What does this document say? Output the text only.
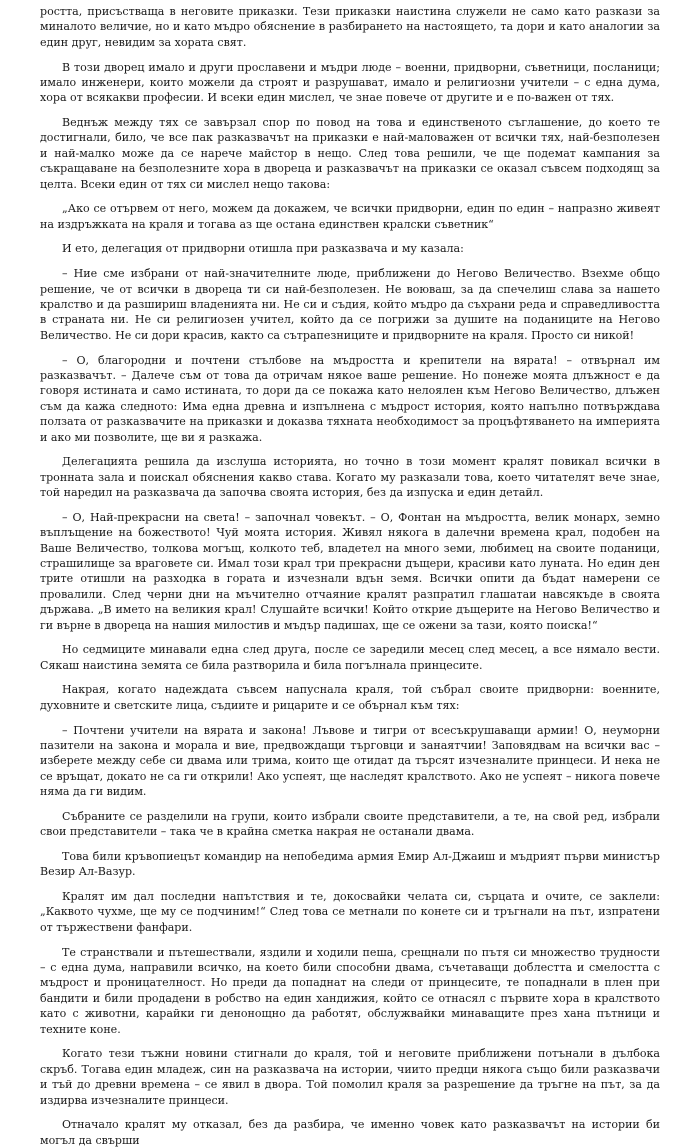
ростта, присъстваща в неговите приказки. Тези приказки наистина служели не само като разкази за миналото величие, но и като мъдро обяснение в разбирането на настоящето, та дори и като аналогии за един друг, невидим за хората свят.

В този дворец имало и други прославени и мъдри люде – военни, придворни, съветници, посланици; имало инженери, които можели да строят и разрушават, имало и религиозни учители – с една дума, хора от всякакви професии. И всеки един мислел, че знае повече от другите и е по-важен от тях.

Веднъж между тях се завързал спор по повод на това и единственото съглашение, до което те достигнали, било, че все пак разказвачът на приказки е най-маловажен от всички тях, най-безполезен и най-малко може да се нарече майстор в нещо. След това решили, че ще подемат кампания за съкращаване на безполезните хора в двореца и разказвачът на приказки се оказал съвсем подходящ за целта. Всеки един от тях си мислел нещо такова:

„Ако се отървем от него, можем да докажем, че всички придворни, един по един – напразно живеят на издръжката на краля и тогава аз ще остана единствен кралски съветник“

И ето, делегация от придворни отишла при разказвача и му казала:

– Ние сме избрани от най-значителните люде, приближени до Негово Величество. Взехме общо решение, че от всички в двореца ти си най-безполезен. Не воюваш, за да спечелиш слава за нашето кралство и да разшириш владенията ни. Не си и съдия, който мъдро да съхрани реда и справедливостта в страната ни. Не си религиозен учител, който да се погрижи за душите на поданиците на Негово Величество. Не си дори красив, както са сътрапезниците и придворните на краля. Просто си никой!

– О, благородни и почтени стълбове на мъдростта и крепители на вярата! – отвърнал им разказвачът. – Далече съм от това да отричам някое ваше решение. Но понеже моята длъжност е да говоря истината и само истината, то дори да се покажа като нелоялен към Негово Величество, длъжен съм да кажа следното: Има една древна и изпълнена с мъдрост история, която напълно потвърждава ползата от разказвачите на приказки и доказва тяхната необходимост за процъфтяването на империята и ако ми позволите, ще ви я разкажа.

Делегацията решила да изслуша историята, но точно в този момент кралят повикал всички в тронната зала и поискал обяснения какво става. Когато му разказали това, което читателят вече знае, той наредил на разказвача да започва своята история, без да изпуска и един детайл.

– О, Най-прекрасни на света! – започнал човекът. – О, Фонтан на мъдростта, велик монарх, земно въплъщение на божеството! Чуй моята история. Живял някога в далечни времена крал, подобен на Ваше Величество, толкова могъщ, колкото теб, владетел на много земи, любимец на своите поданици, страшилище за враговете си. Имал този крал три прекрасни дъщери, красиви като луната. Но един ден трите отишли на разходка в гората и изчезнали вдън земя. Всички опити да бъдат намерени се провалили. След черни дни на мъчително отчаяние кралят разпратил глашатаи навсякъде в своята държава. „В името на великия крал! Слушайте всички! Който открие дъщерите на Негово Величество и ги върне в двореца на нашия милостив и мъдър падишах, ще се ожени за тази, която поиска!“

Но седмиците минавали една след друга, после се заредили месец след месец, а все нямало вести. Сякаш наистина земята се била разтворила и била погълнала принцесите.

Накрая, когато надеждата съвсем напуснала краля, той събрал своите придворни: военните, духовните и светските лица, съдиите и рицарите и се обърнал към тях:

– Почтени учители на вярата и закона! Лъвове и тигри от всесъкрушаващи армии! О, неуморни пазители на закона и морала и вие, предвождащи търговци и занаятчии! Заповядвам на всички вас – изберете между себе си двама или трима, които ще отидат да търсят изчезналите принцеси. И нека не се връщат, докато не са ги открили! Ако успеят, ще наследят кралството. Ако не успеят – никога повече няма да ги видим.

Събраните се разделили на групи, които избрали своите представители, а те, на свой ред, избрали свои представители – така че в крайна сметка накрая не останали двама.

Това били кръвопиецът командир на непобедима армия Емир Ал-Джаиш и мъдрият първи министър Везир Ал-Вазур.

Кралят им дал последни напътствия и те, докосвайки челата си, сърцата и очите, се заклели: „Каквото чухме, ще му се подчиним!“ След това се метнали по конете си и тръгнали на път, изпратени от тържествени фанфари.

Те странствали и пътешествали, яздили и ходили пеша, срещнали по пътя си множество трудности – с една дума, направили всичко, на което били способни двама, съчетаващи доблестта и смелостта с мъдрост и проницателност. Но преди да попаднат на следи от принцесите, те попаднали в плен при бандити и били продадени в робство на един хандижия, който се отнасял с първите хора в кралството като с животни, карайки ги денонощно да работят, обслужвайки минаващите през хана пътници и техните коне.

Когато тези тъжни новини стигнали до краля, той и неговите приближени потънали в дълбока скръб. Тогава един младеж, син на разказвача на истории, чиито предци някога също били разказвачи и тъй до древни времена – се явил в двора. Той помолил краля за разрешение да тръгне на път, за да издирва изчезналите принцеси.

Отначало кралят му отказал, без да разбира, че именно човек като разказвачът на истории би могъл да свърши
